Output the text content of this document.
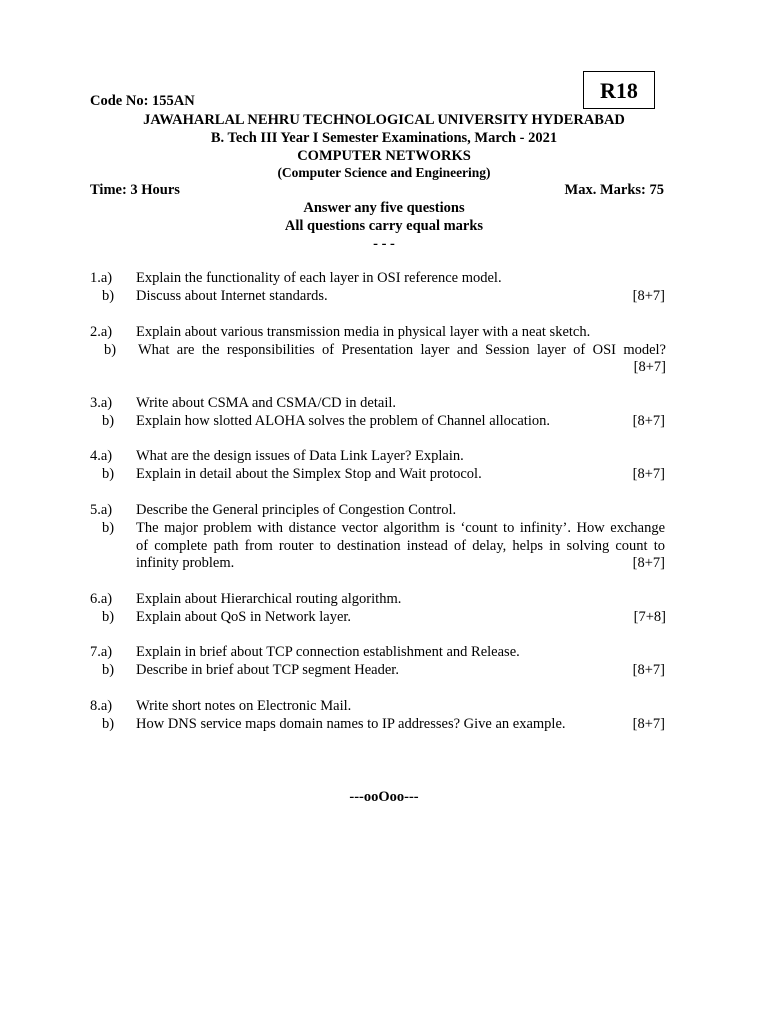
R18
Code No: 155AN
JAWAHARLAL NEHRU TECHNOLOGICAL UNIVERSITY HYDERABAD
B. Tech III Year I Semester Examinations, March - 2021
COMPUTER NETWORKS
(Computer Science and Engineering)
Time: 3 Hours	Max. Marks: 75
Answer any five questions
All questions carry equal marks
- - -
1.a) Explain the functionality of each layer in OSI reference model.
b) Discuss about Internet standards.	[8+7]
2.a) Explain about various transmission media in physical layer with a neat sketch.
b) What are the responsibilities of Presentation layer and Session layer of OSI model?
[8+7]
3.a) Write about CSMA and CSMA/CD in detail.
b) Explain how slotted ALOHA solves the problem of Channel allocation.	[8+7]
4.a) What are the design issues of Data Link Layer? Explain.
b) Explain in detail about the Simplex Stop and Wait protocol.	[8+7]
5.a) Describe the General principles of Congestion Control.
b) The major problem with distance vector algorithm is ‘count to infinity’. How exchange
of complete path from router to destination instead of delay, helps in solving count to
infinity problem.	[8+7]
6.a) Explain about Hierarchical routing algorithm.
b) Explain about QoS in Network layer.	[7+8]
7.a) Explain in brief about TCP connection establishment and Release.
b) Describe in brief about TCP segment Header.	[8+7]
8.a) Write short notes on Electronic Mail.
b) How DNS service maps domain names to IP addresses? Give an example.	[8+7]
---ooOoo---
